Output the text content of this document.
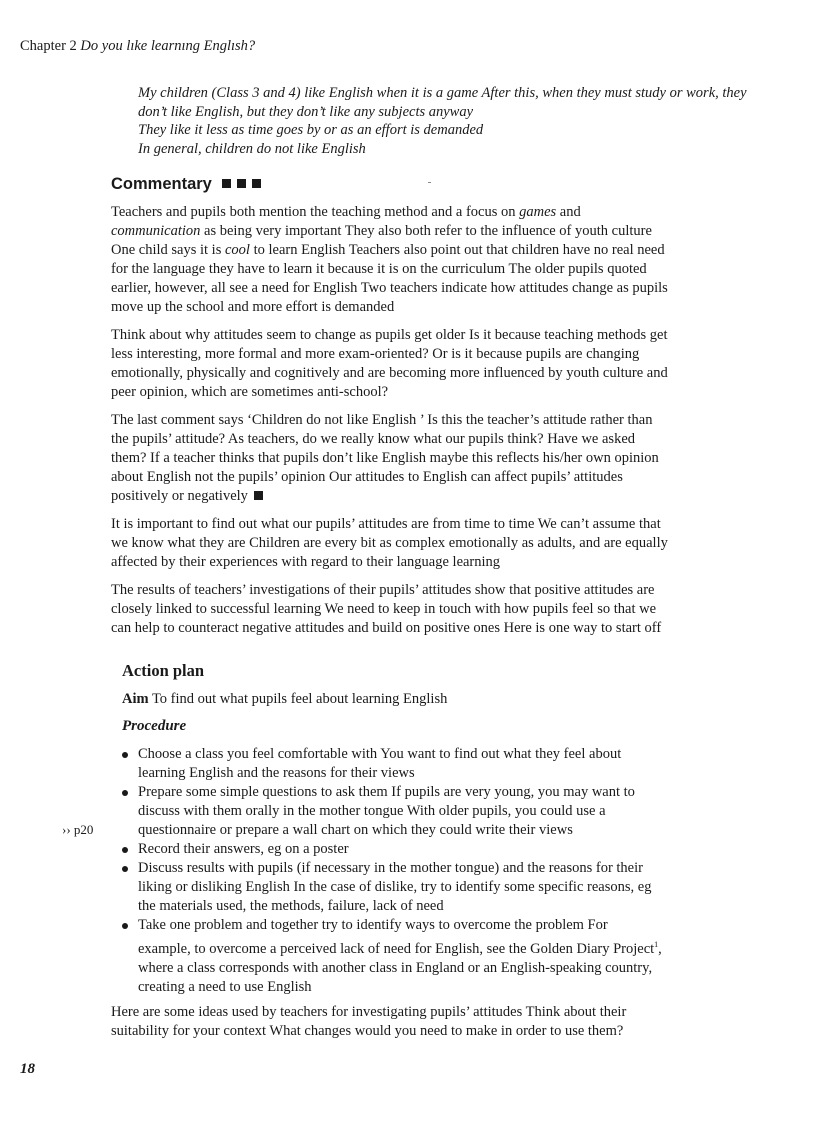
Chapter 2 Do you lıke learnıng Englısh?

My children (Class 3 and 4) like English when it is a game After this, when they must study or work, they don’t like English, but they don’t like any subjects anyway

They like it less as time goes by or as an effort is demanded

In general, children do not like English

Commentary

Teachers and pupils both mention the teaching method and a focus on games and communication as being very important They also both refer to the influence of youth culture One child says it is cool to learn English Teachers also point out that children have no real need for the language they have to learn it because it is on the curriculum The older pupils quoted earlier, however, all see a need for English Two teachers indicate how attitudes change as pupils move up the school and more effort is demanded

Think about why attitudes seem to change as pupils get older Is it because teaching methods get less interesting, more formal and more exam-oriented? Or is it because pupils are changing emotionally, physically and cognitively and are becoming more influenced by youth culture and peer opinion, which are sometimes anti-school?

The last comment says ‘Children do not like English ’ Is this the teacher’s attitude rather than the pupils’ attitude? As teachers, do we really know what our pupils think? Have we asked them? If a teacher thinks that pupils don’t like English maybe this reflects his/her own opinion about English not the pupils’ opinion Our attitudes to English can affect pupils’ attitudes positively or negatively

It is important to find out what our pupils’ attitudes are from time to time We can’t assume that we know what they are Children are every bit as complex emotionally as adults, and are equally affected by their experiences with regard to their language learning

The results of teachers’ investigations of their pupils’ attitudes show that positive attitudes are closely linked to successful learning We need to keep in touch with how pupils feel so that we can help to counteract negative attitudes and build on positive ones Here is one way to start off

Action plan
Aim To find out what pupils feel about learning English
Procedure
Choose a class you feel comfortable with You want to find out what they feel about learning English and the reasons for their views
Prepare some simple questions to ask them If pupils are very young, you may want to discuss with them orally in the mother tongue With older pupils, you could use a questionnaire or prepare a wall chart on which they could write their views
Record their answers, eg on a poster
Discuss results with pupils (if necessary in the mother tongue) and the reasons for their liking or disliking English In the case of dislike, try to identify some specific reasons, eg the materials used, the methods, failure, lack of need
Take one problem and together try to identify ways to overcome the problem For example, to overcome a perceived lack of need for English, see the Golden Diary Project$^1$, where a class corresponds with another class in England or an English-speaking country, creating a need to use English
›› p20
Here are some ideas used by teachers for investigating pupils’ attitudes Think about their suitability for your context What changes would you need to make in order to use them?
18
